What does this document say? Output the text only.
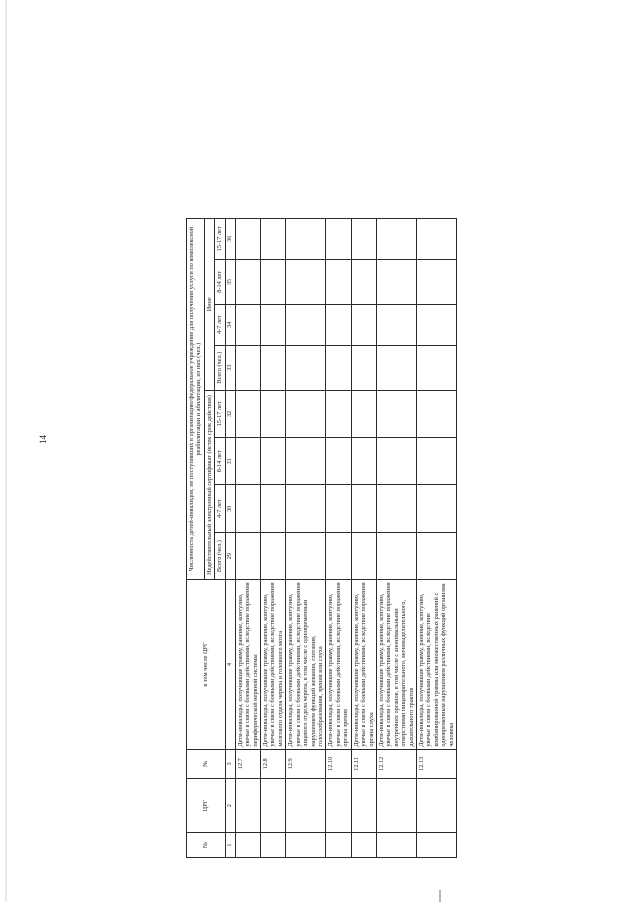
14
№	ЦРГ	№	в том числе ЦРГ	Численность детей-инвалидов, не поступивших в организацию/федеральное учреждение для получения услуги по комплексной реабилитации и абилитации, из них (чел.)							
				Недействительный электронный сертификат (истек срок действия)				Иное			
				Всего (чел.)	4-7 лет	8-14 лет	15-17 лет	Всего (чел.)	4-7 лет	8-14 лет	15-17 лет
1	2	3	4	29	30	31	32	33	34	35	36
		12.7	Дети-инвалиды, получившие травму, ранение, контузию, увечье в связи с боевыми действиями, вследствие поражения периферической нервной системы								
		12.8	Дети-инвалиды, получившие травму, ранение, контузию, увечье в связи с боевыми действиями, вследствие поражения мозгового отдела черепа и головного мозга								
		12.9	Дети-инвалиды, получившие травму, ранение, контузию, увечье в связи с боевыми действиями, вследствие поражения лицевого отдела черепа, в том числе с одновременным нарушением функций жевания, глотания, голосообразования, зрения или слуха								
		12.10	Дети-инвалиды, получившие травму, ранение, контузию, увечье в связи с боевыми действиями, вследствие поражения органа зрения								
		12.11	Дети-инвалиды, получившие травму, ранение, контузию, увечье в связи с боевыми действиями, вследствие поражения органа слуха								
		12.12	Дети-инвалиды, получившие травму, ранение, контузию, увечье в связи с боевыми действиями, вследствие поражения внутренних органов, в том числе с анонимальными отверстиями пищеварительного, мочевыделительного, дыхательного трактов								
		12.13	Дети-инвалиды, получившие травму, ранение, контузию, увечье в связи с боевыми действиями, вследствие комбинированной травмы или множественных ранений с одновременным нарушением различных функций организма человека								
